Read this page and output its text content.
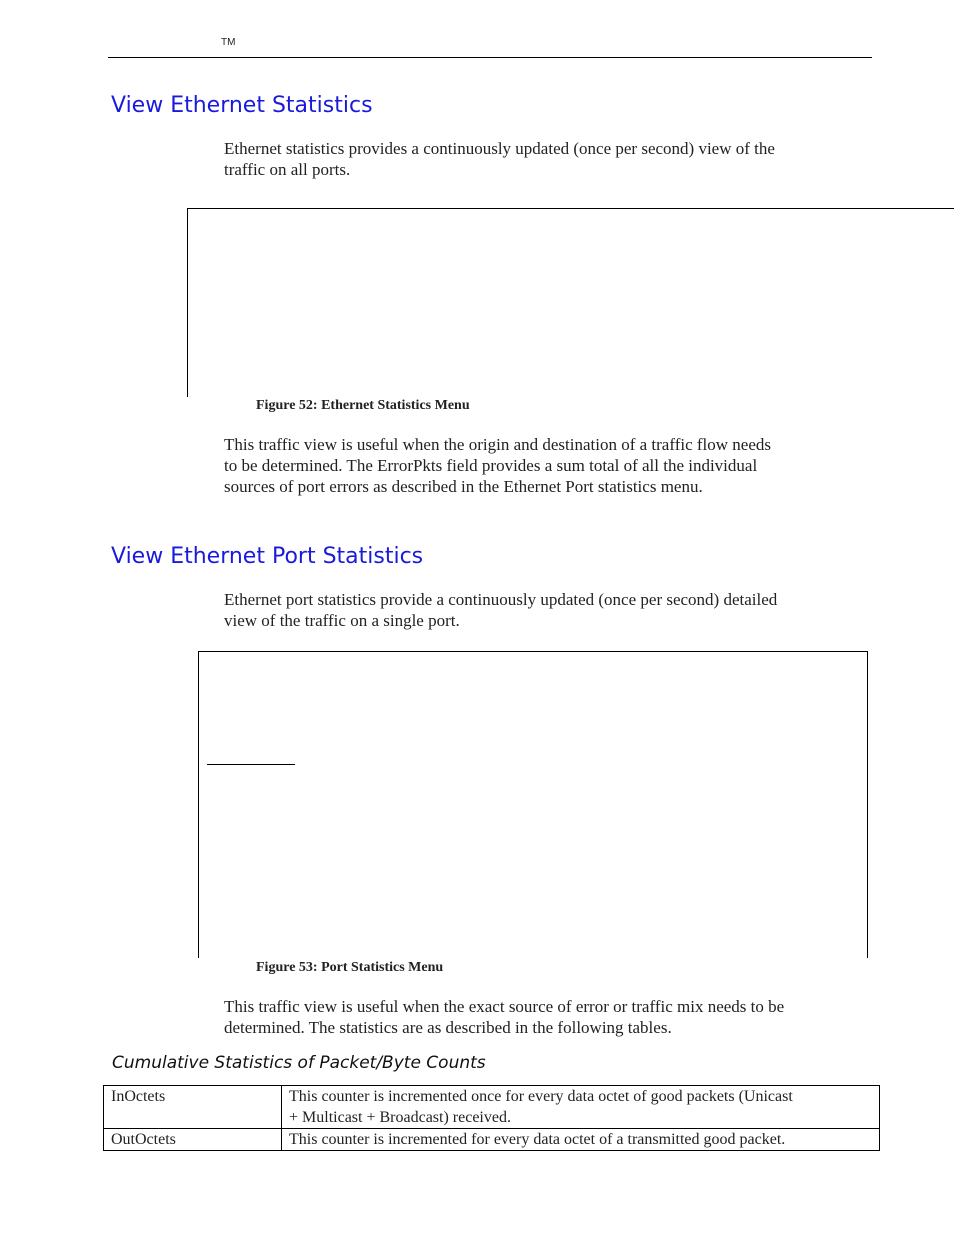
TM
View Ethernet Statistics
Ethernet statistics provides a continuously updated (once per second) view of the
traffic on all ports.
Figure 52: Ethernet Statistics Menu
This traffic view is useful when the origin and destination of a traffic flow needs
to be determined. The ErrorPkts field provides a sum total of all the individual
sources of port errors as described in the Ethernet Port statistics menu.
View Ethernet Port Statistics
Ethernet port statistics provide a continuously updated (once per second) detailed
view of the traffic on a single port.
Figure 53: Port Statistics Menu
This traffic view is useful when the exact source of error or traffic mix needs to be
determined. The statistics are as described in the following tables.
Cumulative Statistics of Packet/Byte Counts
InOctets	This counter is incremented once for every data octet of good packets (Unicast
+ Multicast + Broadcast) received.

OutOctets	This counter is incremented for every data octet of a transmitted good packet.
